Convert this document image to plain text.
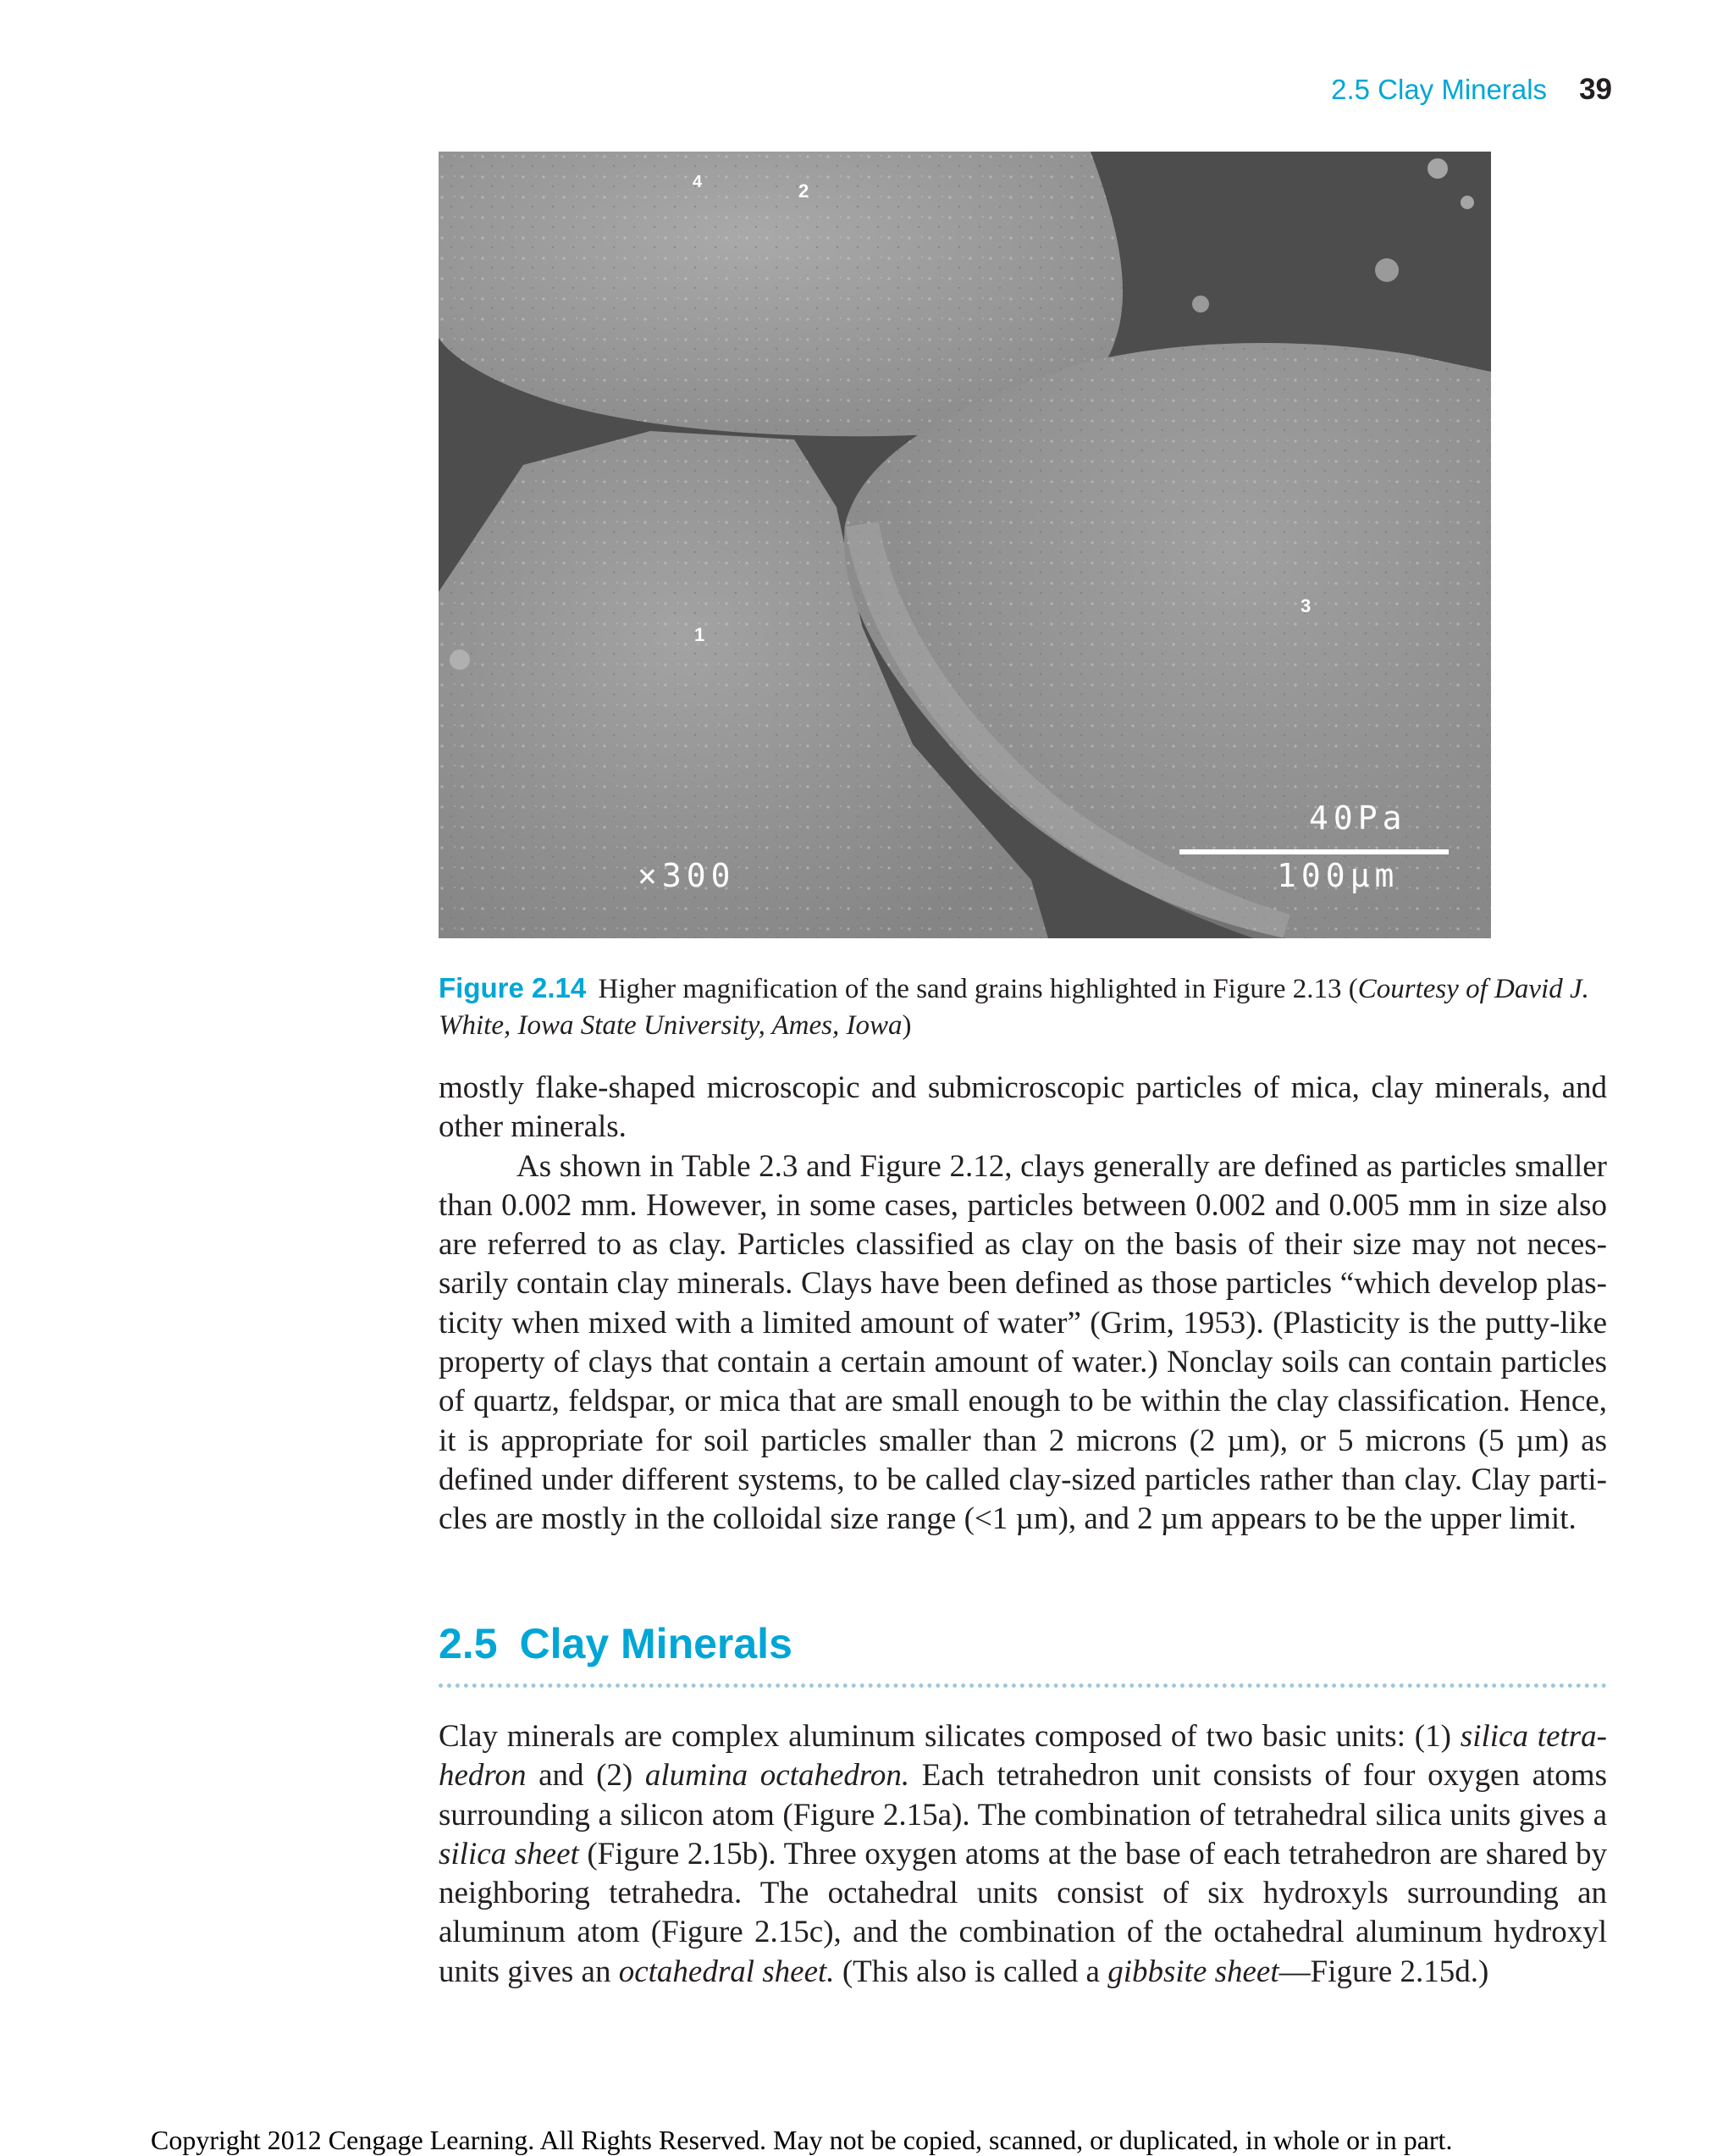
2.5 Clay Minerals 39
1
2
3
4
×300
40Pa
100µm
Figure 2.14 Higher magnification of the sand grains highlighted in Figure 2.13 (Courtesy of David J. White, Iowa State University, Ames, Iowa)

mostly flake-shaped microscopic and submicroscopic particles of mica, clay minerals, and other minerals.

As shown in Table 2.3 and Figure 2.12, clays generally are defined as particles smaller than 0.002 mm. However, in some cases, particles between 0.002 and 0.005 mm in size also are referred to as clay. Particles classified as clay on the basis of their size may not neces-sarily contain clay minerals. Clays have been defined as those particles “which develop plas-ticity when mixed with a limited amount of water” (Grim, 1953). (Plasticity is the putty-like property of clays that contain a certain amount of water.) Nonclay soils can contain particles of quartz, feldspar, or mica that are small enough to be within the clay classification. Hence, it is appropriate for soil particles smaller than 2 microns (2 µm), or 5 microns (5 µm) as defined under different systems, to be called clay-sized particles rather than clay. Clay parti-cles are mostly in the colloidal size range (<1 µm), and 2 µm appears to be the upper limit.

2.5 Clay Minerals

Clay minerals are complex aluminum silicates composed of two basic units: (1) silica tetra-hedron and (2) alumina octahedron. Each tetrahedron unit consists of four oxygen atoms surrounding a silicon atom (Figure 2.15a). The combination of tetrahedral silica units gives a silica sheet (Figure 2.15b). Three oxygen atoms at the base of each tetrahedron are shared by neighboring tetrahedra. The octahedral units consist of six hydroxyls surrounding an aluminum atom (Figure 2.15c), and the combination of the octahedral aluminum hydroxyl units gives an octahedral sheet. (This also is called a gibbsite sheet—Figure 2.15d.)

Copyright 2012 Cengage Learning. All Rights Reserved. May not be copied, scanned, or duplicated, in whole or in part.
